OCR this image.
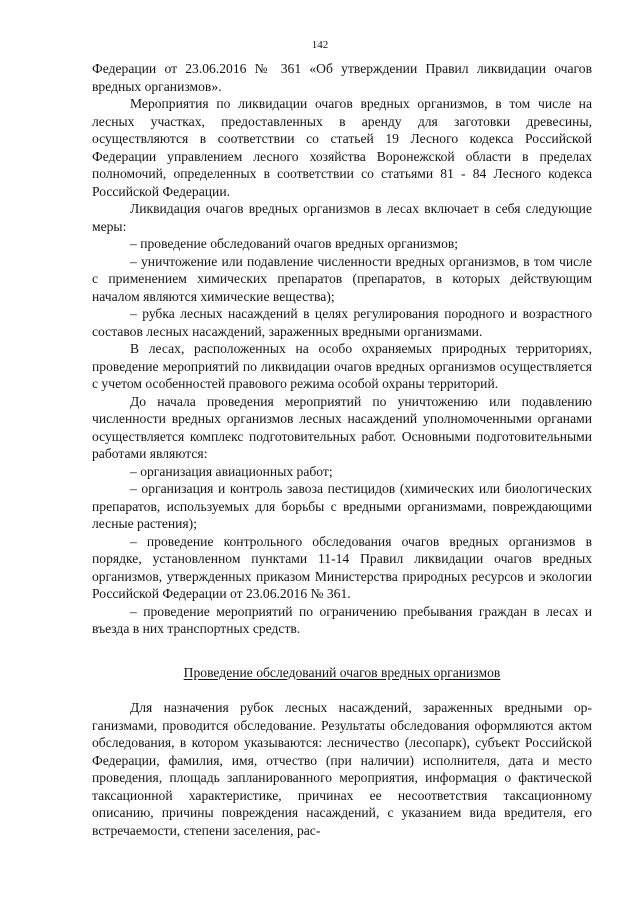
142

Федерации от 23.06.2016 № 361 «Об утверждении Правил ликвидации очагов вредных организмов».

Мероприятия по ликвидации очагов вредных организмов, в том числе на лесных участках, предоставленных в аренду для заготовки древесины, осуществляются в соответствии со статьей 19 Лесного кодекса Российской Федерации управлением лесного хозяйства Воронежской области в пределах полномочий, определенных в соответствии со статьями 81 - 84 Лесного кодекса Российской Федерации.

Ликвидация очагов вредных организмов в лесах включает в себя следующие меры:

– проведение обследований очагов вредных организмов;

– уничтожение или подавление численности вредных организмов, в том числе с применением химических препаратов (препаратов, в которых действующим началом являются химические вещества);

– рубка лесных насаждений в целях регулирования породного и возрастного составов лесных насаждений, зараженных вредными организмами.

В лесах, расположенных на особо охраняемых природных территориях, проведение мероприятий по ликвидации очагов вредных организмов осуществляется с учетом особенностей правового режима особой охраны территорий.

До начала проведения мероприятий по уничтожению или подавлению численности вредных организмов лесных насаждений уполномоченными органами осуществляется комплекс подготовительных работ. Основными подготовительными работами являются:

– организация авиационных работ;

– организация и контроль завоза пестицидов (химических или биологических препаратов, используемых для борьбы с вредными организмами, повреждающими лесные растения);

– проведение контрольного обследования очагов вредных организмов в порядке, установленном пунктами 11-14 Правил ликвидации очагов вредных организмов, утвержденных приказом Министерства природных ресурсов и экологии Российской Федерации от 23.06.2016 № 361.

– проведение мероприятий по ограничению пребывания граждан в лесах и въезда в них транспортных средств.

Проведение обследований очагов вредных организмов

Для назначения рубок лесных насаждений, зараженных вредными организмами, проводится обследование. Результаты обследования оформляются актом обследования, в котором указываются: лесничество (лесопарк), субъект Российской Федерации, фамилия, имя, отчество (при наличии) исполнителя, дата и место проведения, площадь запланированного мероприятия, информация о фактической таксационной характеристике, причинах ее несоответствия таксационному описанию, причины повреждения насаждений, с указанием вида вредителя, его встречаемости, степени заселения, рас-
